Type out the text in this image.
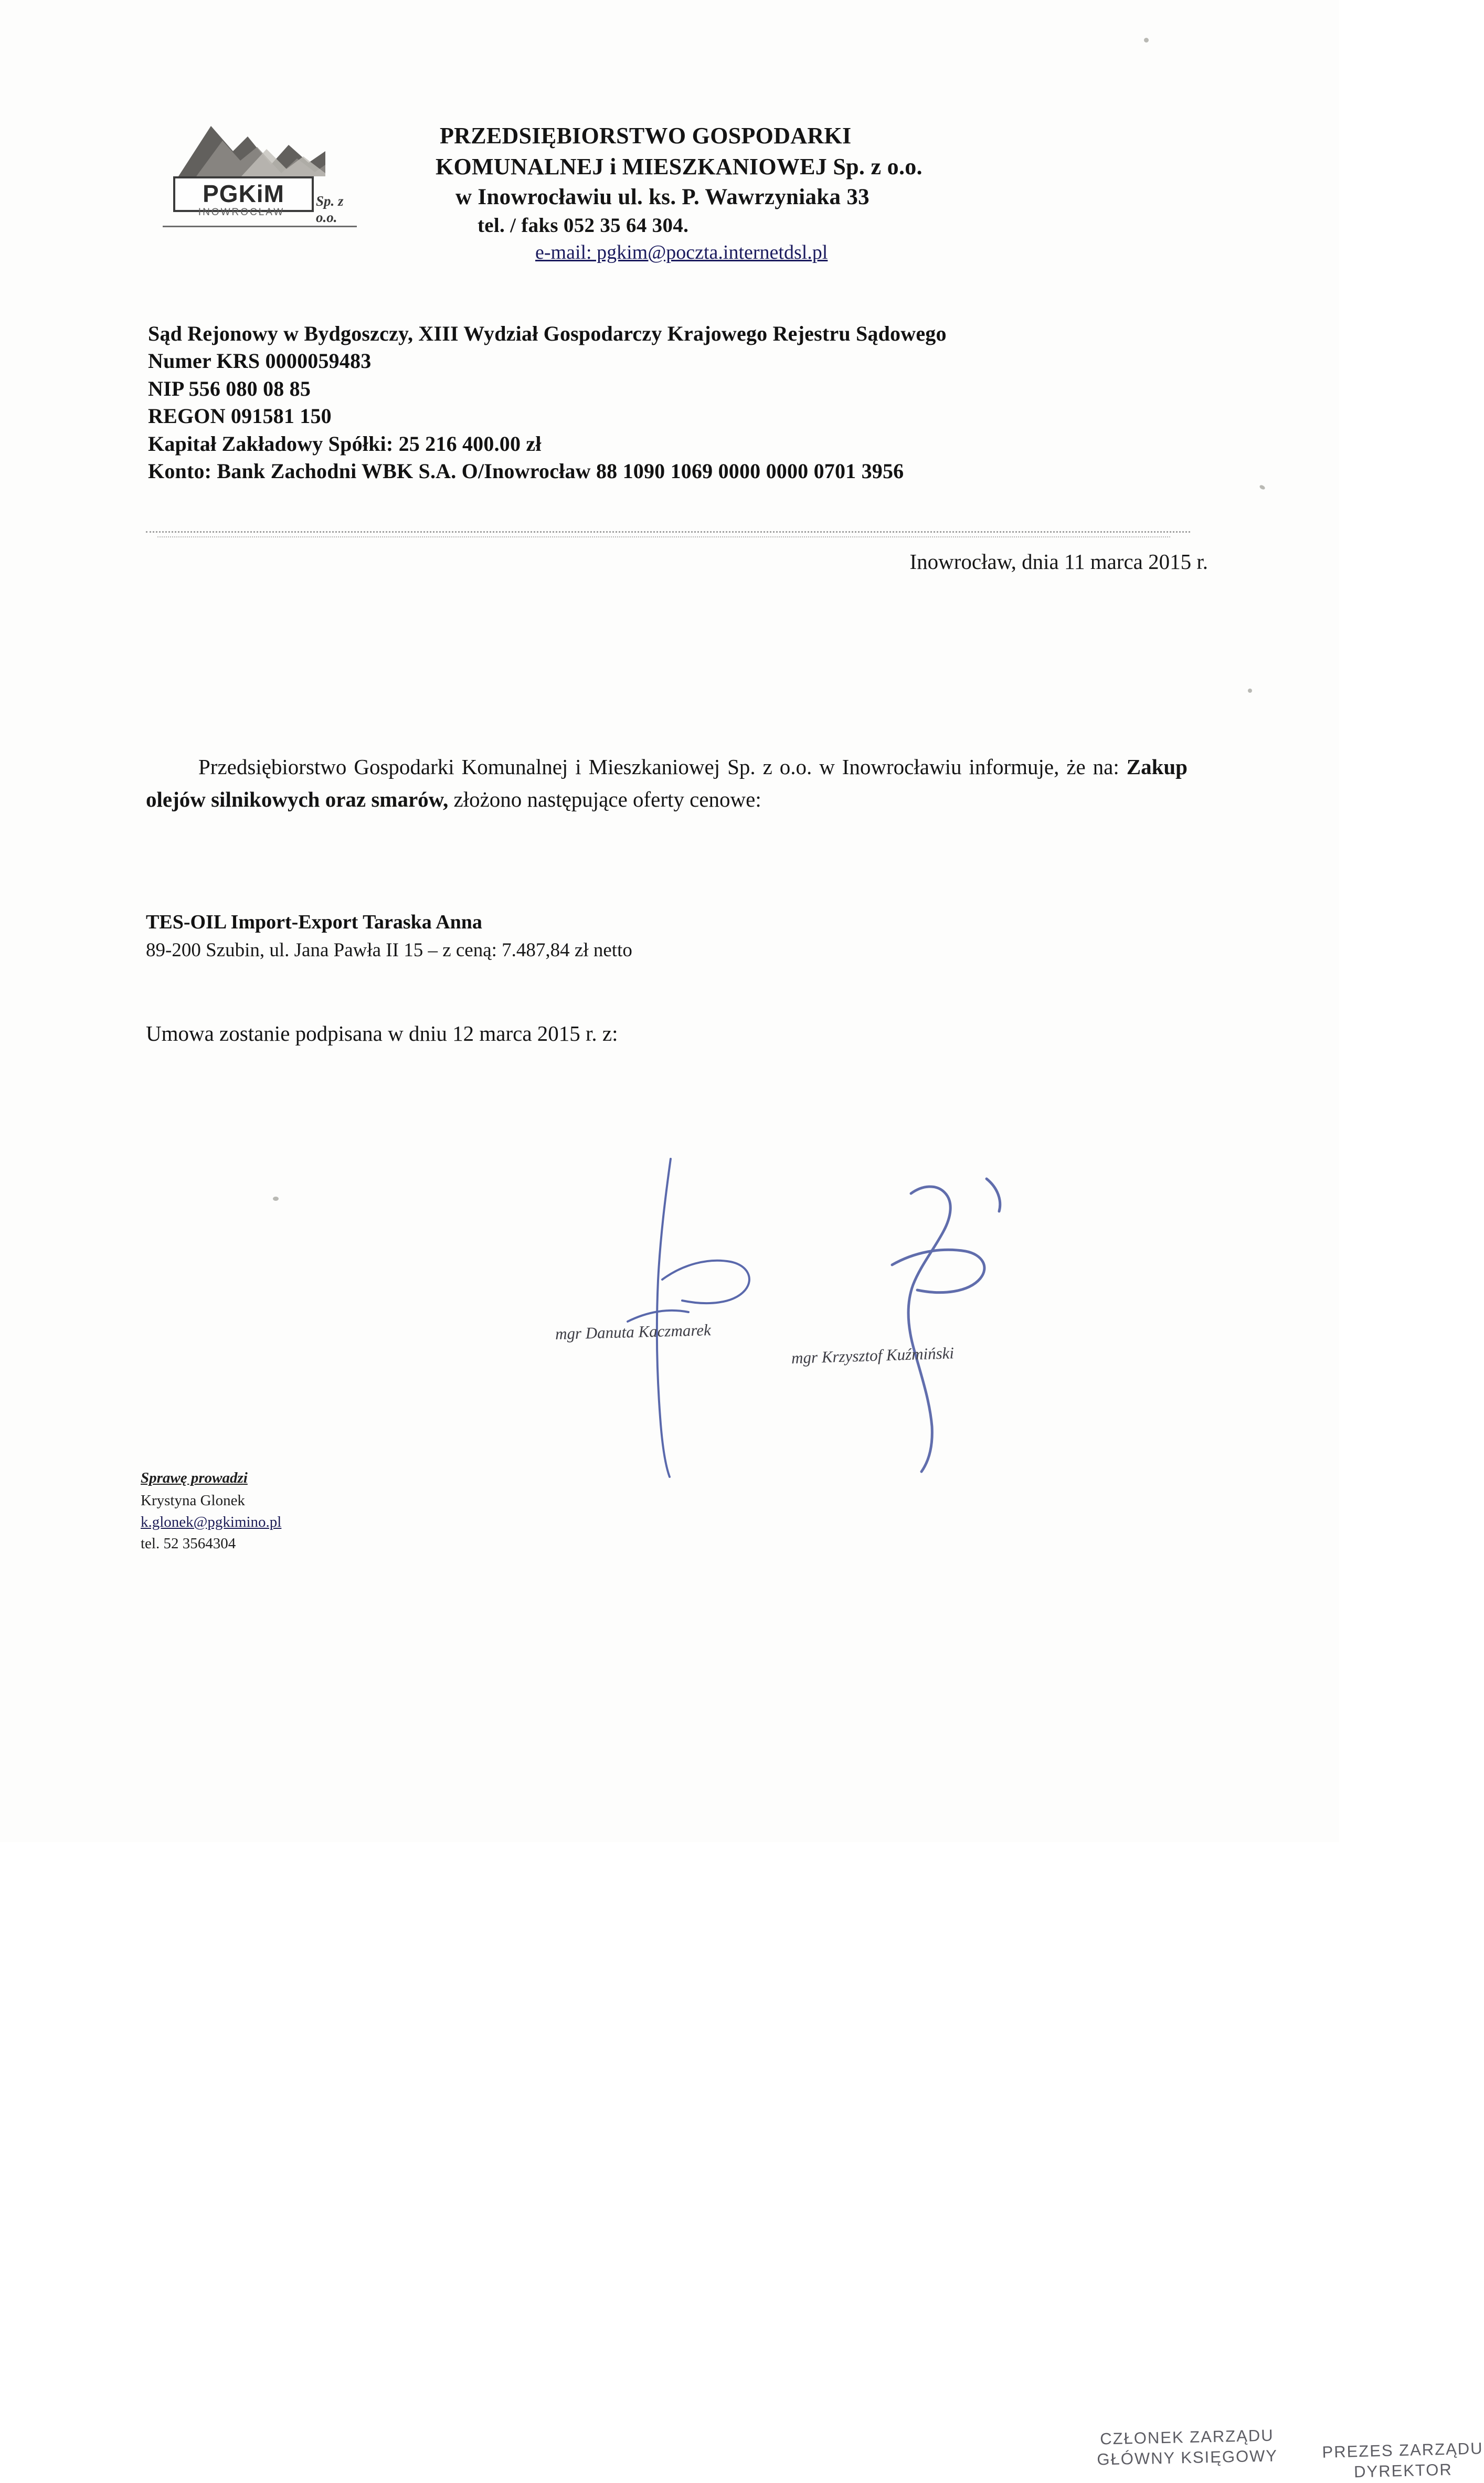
PGKiM
INOWROCŁAW
Sp. z o.o.
PRZEDSIĘBIORSTWO GOSPODARKI
KOMUNALNEJ i MIESZKANIOWEJ Sp. z o.o.
w Inowrocławiu ul. ks. P. Wawrzyniaka 33
tel. / faks 052 35 64 304.
e-mail: pgkim@poczta.internetdsl.pl
Sąd Rejonowy w Bydgoszczy, XIII Wydział Gospodarczy Krajowego Rejestru Sądowego
Numer KRS 0000059483
NIP 556 080 08 85
REGON 091581 150
Kapitał Zakładowy Spółki: 25 216 400.00 zł
Konto: Bank Zachodni WBK S.A. O/Inowrocław 88 1090 1069 0000 0000 0701 3956
Inowrocław, dnia 11 marca 2015 r.
Przedsiębiorstwo Gospodarki Komunalnej i Mieszkaniowej Sp. z o.o. w Inowrocławiu informuje, że na: Zakup olejów silnikowych oraz smarów, złożono następujące oferty cenowe:
TES-OIL Import-Export Taraska Anna
89-200 Szubin, ul. Jana Pawła II 15 – z ceną: 7.487,84 zł netto
Umowa zostanie podpisana w dniu 12 marca 2015 r. z:
CZŁONEK ZARZĄDU
GŁÓWNY KSIĘGOWY	PREZES ZARZĄDU
DYREKTOR
mgr Danuta Kaczmarek
mgr Krzysztof Kuźmiński
Sprawę prowadzi
Krystyna Glonek
k.glonek@pgkimino.pl
tel. 52 3564304
